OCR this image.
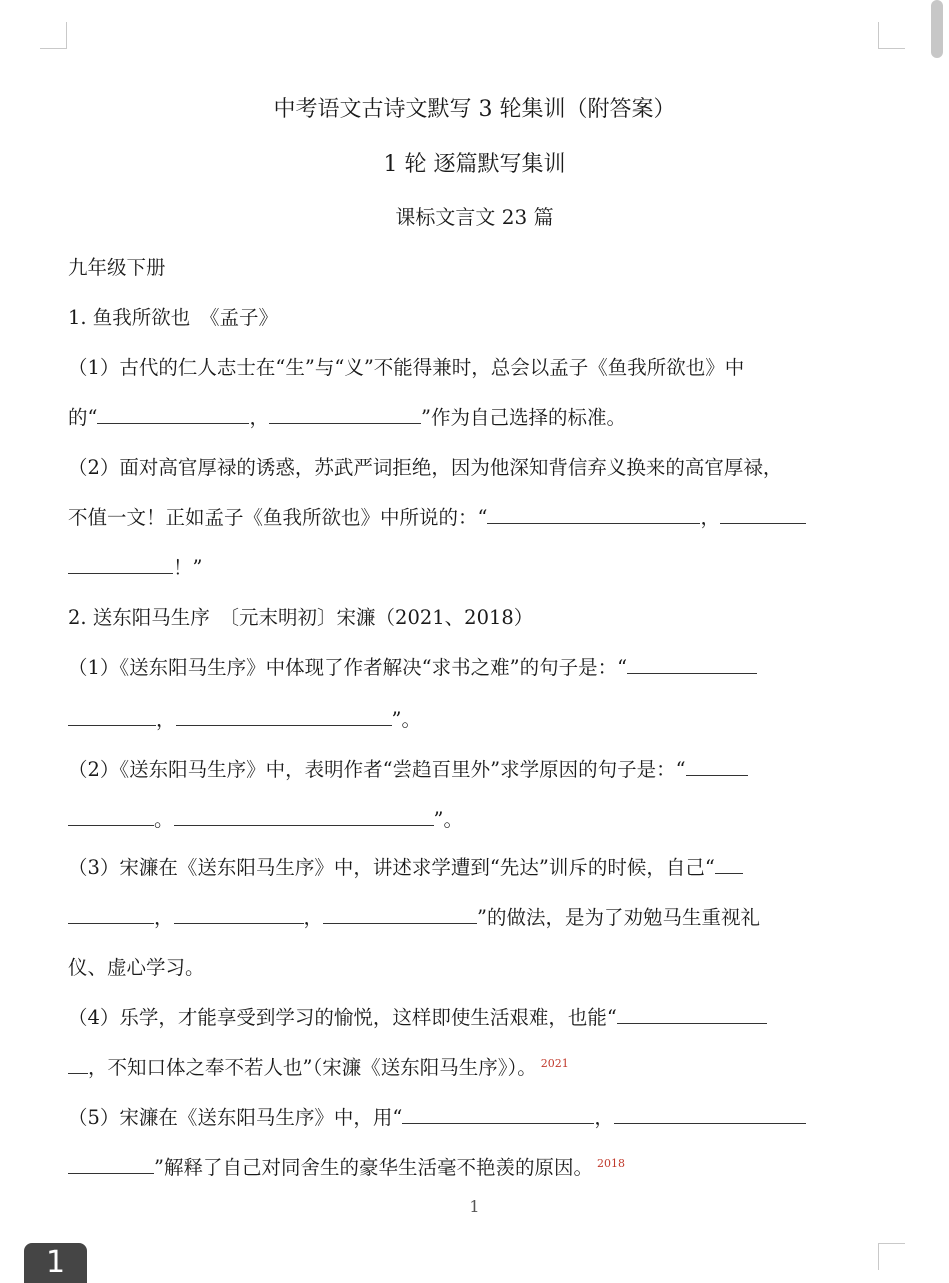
中考语文古诗文默写 3 轮集训（附答案）
1 轮 逐篇默写集训
课标文言文 23 篇
九年级下册
1. 鱼我所欲也　《孟子》
（1）古代的仁人志士在“生”与“义”不能得兼时，总会以孟子《鱼我所欲也》中
的“	，	”作为自己选择的标准。
（2）面对高官厚禄的诱惑，苏武严词拒绝，因为他深知背信弃义换来的高官厚禄，
不值一文！正如孟子《鱼我所欲也》中所说的：“	，
！”
2. 送东阳马生序　〔元末明初〕宋濂（2021、2018）
（1）《送东阳马生序》中体现了作者解决“求书之难”的句子是：“
，	”。
（2）《送东阳马生序》中，表明作者“尝趋百里外”求学原因的句子是：“
。	”。
（3）宋濂在《送东阳马生序》中，讲述求学遭到“先达”训斥的时候，自己“
，	，	”的做法，是为了劝勉马生重视礼
仪、虚心学习。
（4）乐学，才能享受到学习的愉悦，这样即使生活艰难，也能“
，不知口体之奉不若人也”（宋濂《送东阳马生序》）。 $^{2021}$
（5）宋濂在《送东阳马生序》中，用“	，
”解释了自己对同舍生的豪华生活毫不艳羡的原因。 $^{2018}$
1
1
